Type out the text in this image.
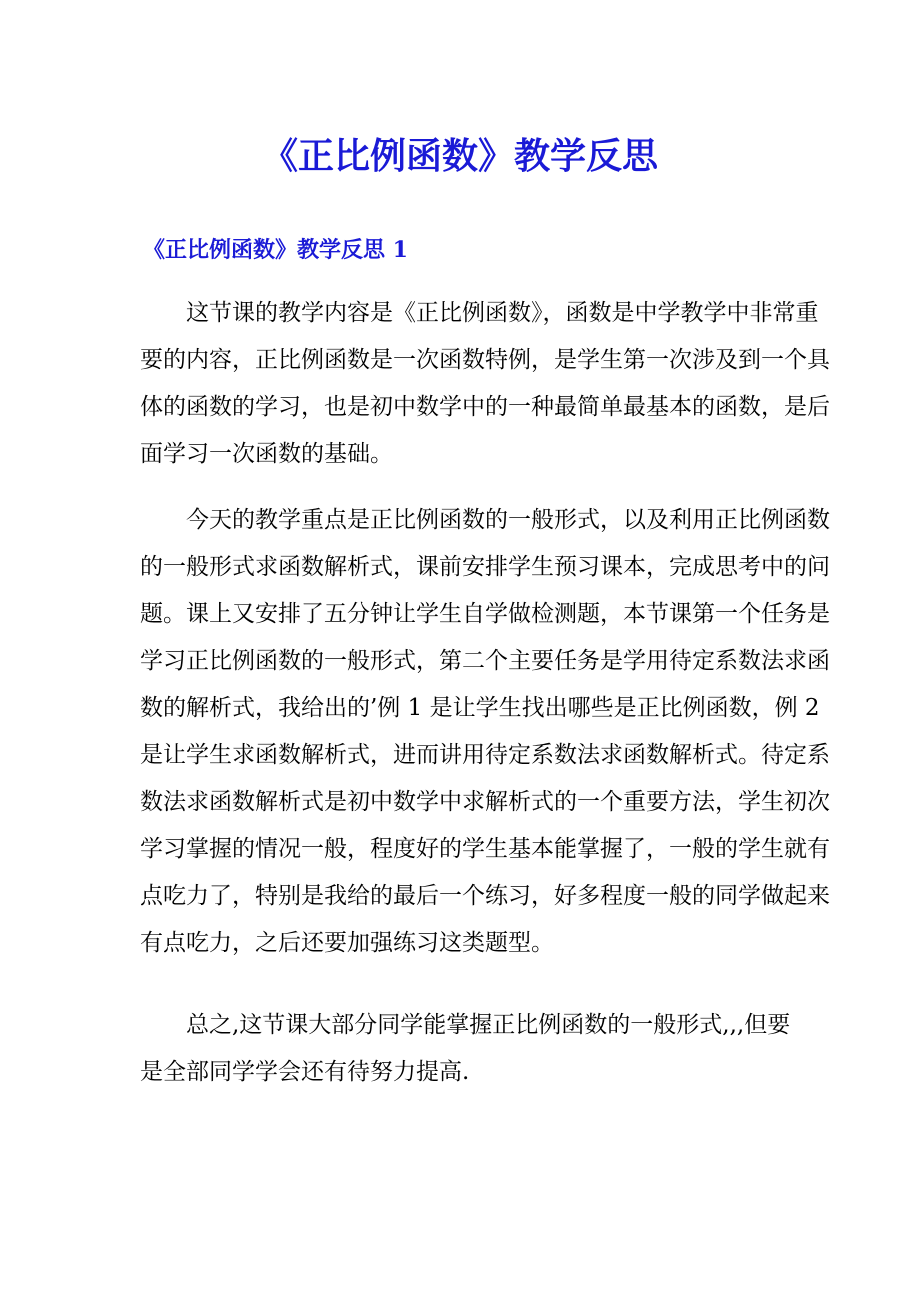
《正比例函数》教学反思
《正比例函数》教学反思 1
这节课的教学内容是《正比例函数》，函数是中学教学中非常重
要的内容，正比例函数是一次函数特例，是学生第一次涉及到一个具
体的函数的学习，也是初中数学中的一种最简单最基本的函数，是后
面学习一次函数的基础。
今天的教学重点是正比例函数的一般形式，以及利用正比例函数
的一般形式求函数解析式，课前安排学生预习课本，完成思考中的问
题。课上又安排了五分钟让学生自学做检测题，本节课第一个任务是
学习正比例函数的一般形式，第二个主要任务是学用待定系数法求函
数的解析式，我给出的’例 1 是让学生找出哪些是正比例函数，例 2
是让学生求函数解析式，进而讲用待定系数法求函数解析式。待定系
数法求函数解析式是初中数学中求解析式的一个重要方法，学生初次
学习掌握的情况一般，程度好的学生基本能掌握了，一般的学生就有
点吃力了，特别是我给的最后一个练习，好多程度一般的同学做起来
有点吃力，之后还要加强练习这类题型。
总之,这节课大部分同学能掌握正比例函数的一般形式,,,但要
是全部同学学会还有待努力提高.
